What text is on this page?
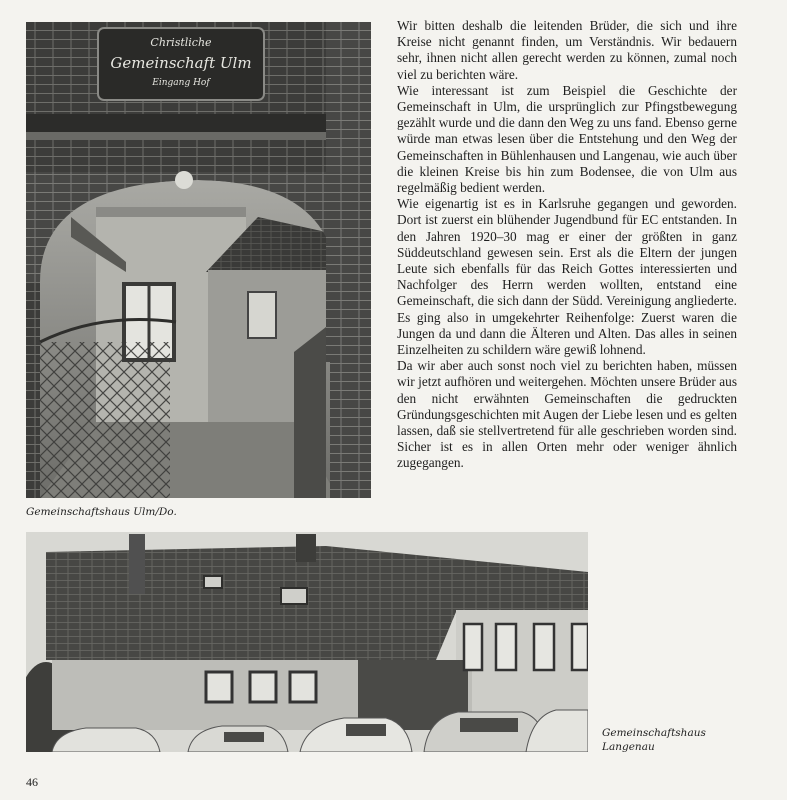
Christliche
Gemeinschaft Ulm
Eingang Hof

Gemeinschaftshaus Ulm/Do.

Wir bitten deshalb die leitenden Brüder, die sich und ihre Kreise nicht genannt finden, um Verständnis. Wir bedauern sehr, ihnen nicht allen gerecht werden zu können, zumal noch viel zu berichten wäre.

Wie interessant ist zum Beispiel die Geschichte der Gemeinschaft in Ulm, die ursprünglich zur Pfingstbewegung gezählt wurde und die dann den Weg zu uns fand. Ebenso gerne würde man etwas lesen über die Entstehung und den Weg der Gemeinschaften in Bühlenhausen und Langenau, wie auch über die kleinen Kreise bis hin zum Bodensee, die von Ulm aus regelmäßig bedient werden.

Wie eigenartig ist es in Karlsruhe gegangen und geworden. Dort ist zuerst ein blühender Jugendbund für EC entstanden. In den Jahren 1920–30 mag er einer der größten in ganz Süddeutschland gewesen sein. Erst als die Eltern der jungen Leute sich ebenfalls für das Reich Gottes interessierten und Nachfolger des Herrn werden wollten, entstand eine Gemeinschaft, die sich dann der Südd. Vereinigung angliederte. Es ging also in umgekehrter Reihenfolge: Zuerst waren die Jungen da und dann die Älteren und Alten. Das alles in seinen Einzelheiten zu schildern wäre gewiß lohnend.

Da wir aber auch sonst noch viel zu berichten haben, müssen wir jetzt aufhören und weitergehen. Möchten unsere Brüder aus den nicht erwähnten Gemeinschaften die gedruckten Gründungsgeschichten mit Augen der Liebe lesen und es gelten lassen, daß sie stellvertretend für alle geschrieben worden sind. Sicher ist es in allen Orten mehr oder weniger ähnlich zugegangen.

Gemeinschaftshaus
Langenau

46
